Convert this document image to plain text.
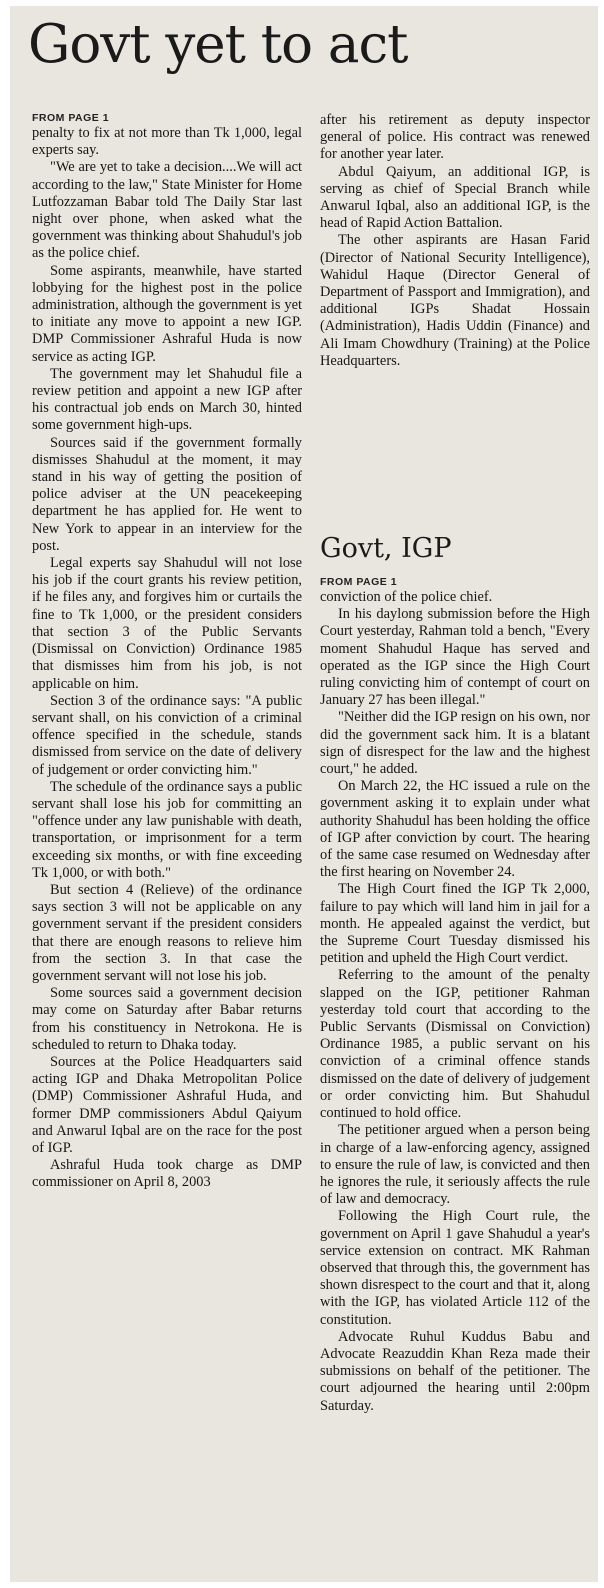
Govt yet to act
FROM PAGE 1

penalty to fix at not more than Tk 1,000, legal experts say.

"We are yet to take a decision....We will act according to the law," State Minister for Home Lutfozzaman Babar told The Daily Star last night over phone, when asked what the government was thinking about Shahudul's job as the police chief.

Some aspirants, meanwhile, have started lobbying for the highest post in the police administration, although the government is yet to initiate any move to appoint a new IGP. DMP Commissioner Ashraful Huda is now service as acting IGP.

The government may let Shahudul file a review petition and appoint a new IGP after his contractual job ends on March 30, hinted some government high-ups.

Sources said if the government formally dismisses Shahudul at the moment, it may stand in his way of getting the position of police adviser at the UN peacekeeping department he has applied for. He went to New York to appear in an interview for the post.

Legal experts say Shahudul will not lose his job if the court grants his review petition, if he files any, and forgives him or curtails the fine to Tk 1,000, or the president considers that section 3 of the Public Servants (Dismissal on Conviction) Ordinance 1985 that dismisses him from his job, is not applicable on him.

Section 3 of the ordinance says: "A public servant shall, on his conviction of a criminal offence specified in the schedule, stands dismissed from service on the date of delivery of judgement or order convicting him."

The schedule of the ordinance says a public servant shall lose his job for committing an "offence under any law punishable with death, transportation, or imprisonment for a term exceeding six months, or with fine exceeding Tk 1,000, or with both."

But section 4 (Relieve) of the ordinance says section 3 will not be applicable on any government servant if the president considers that there are enough reasons to relieve him from the section 3. In that case the government servant will not lose his job.

Some sources said a government decision may come on Saturday after Babar returns from his constituency in Netrokona. He is scheduled to return to Dhaka today.

Sources at the Police Headquarters said acting IGP and Dhaka Metropolitan Police (DMP) Commissioner Ashraful Huda, and former DMP commissioners Abdul Qaiyum and Anwarul Iqbal are on the race for the post of IGP.

Ashraful Huda took charge as DMP commissioner on April 8, 2003

after his retirement as deputy inspector general of police. His contract was renewed for another year later.

Abdul Qaiyum, an additional IGP, is serving as chief of Special Branch while Anwarul Iqbal, also an additional IGP, is the head of Rapid Action Battalion.

The other aspirants are Hasan Farid (Director of National Security Intelligence), Wahidul Haque (Director General of Department of Passport and Immigration), and additional IGPs Shadat Hossain (Administration), Hadis Uddin (Finance) and Ali Imam Chowdhury (Training) at the Police Headquarters.

Govt, IGP
FROM PAGE 1

conviction of the police chief.

In his daylong submission before the High Court yesterday, Rahman told a bench, "Every moment Shahudul Haque has served and operated as the IGP since the High Court ruling convicting him of contempt of court on January 27 has been illegal."

"Neither did the IGP resign on his own, nor did the government sack him. It is a blatant sign of disrespect for the law and the highest court," he added.

On March 22, the HC issued a rule on the government asking it to explain under what authority Shahudul has been holding the office of IGP after conviction by court. The hearing of the same case resumed on Wednesday after the first hearing on November 24.

The High Court fined the IGP Tk 2,000, failure to pay which will land him in jail for a month. He appealed against the verdict, but the Supreme Court Tuesday dismissed his petition and upheld the High Court verdict.

Referring to the amount of the penalty slapped on the IGP, petitioner Rahman yesterday told court that according to the Public Servants (Dismissal on Conviction) Ordinance 1985, a public servant on his conviction of a criminal offence stands dismissed on the date of delivery of judgement or order convicting him. But Shahudul continued to hold office.

The petitioner argued when a person being in charge of a law-enforcing agency, assigned to ensure the rule of law, is convicted and then he ignores the rule, it seriously affects the rule of law and democracy.

Following the High Court rule, the government on April 1 gave Shahudul a year's service extension on contract. MK Rahman observed that through this, the government has shown disrespect to the court and that it, along with the IGP, has violated Article 112 of the constitution.

Advocate Ruhul Kuddus Babu and Advocate Reazuddin Khan Reza made their submissions on behalf of the petitioner. The court adjourned the hearing until 2:00pm Saturday.
